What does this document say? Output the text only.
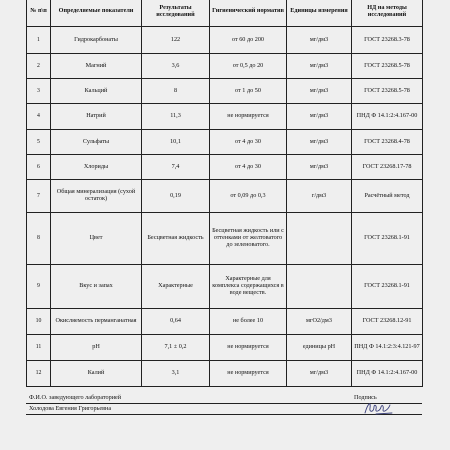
№ п\п	Определяемые показатели	Результаты исследований	Гигиенический норматив	Единицы измерения	НД на методы исследований
1	Гидрокарбонаты	122	от 60 до 200	мг/дм3	ГОСТ 23268.3-78
2	Магний	3,6	от 0,5 до 20	мг/дм3	ГОСТ 23268.5-78
3	Кальций	8	от 1 до 50	мг/дм3	ГОСТ 23268.5-78
4	Натрий	11,3	не нормируется	мг/дм3	ПНД Ф 14.1:2:4.167-00
5	Сульфаты	10,1	от 4 до 30	мг/дм3	ГОСТ 23268.4-78
6	Хлориды	7,4	от 4 до 30	мг/дм3	ГОСТ 23268.17-78
7	Общая минерализация (сухой остаток)	0,19	от 0,09 до 0,3	г/дм3	Расчётный метод
8	Цвет	Бесцветная жидкость	Бесцветная жидкость или с оттенками от желтоватого до зеленоватого.		ГОСТ 23268.1-91
9	Вкус и запах	Характерные	Характерные для комплекса содержащихся в воде веществ.		ГОСТ 23268.1-91
10	Окисляемость перманганатная	0,64	не более 10	мгО2/дм3	ГОСТ 23268.12-91
11	pH	7,1 ± 0,2	не нормируется	единицы pH	ПНД Ф 14.1:2:3:4.121-97
12	Калий	3,1	не нормируется	мг/дм3	ПНД Ф 14.1:2:4.167-00
Ф.И.О. заведующего лабораторией	Подпись
Холодова Евгения Григорьевна
